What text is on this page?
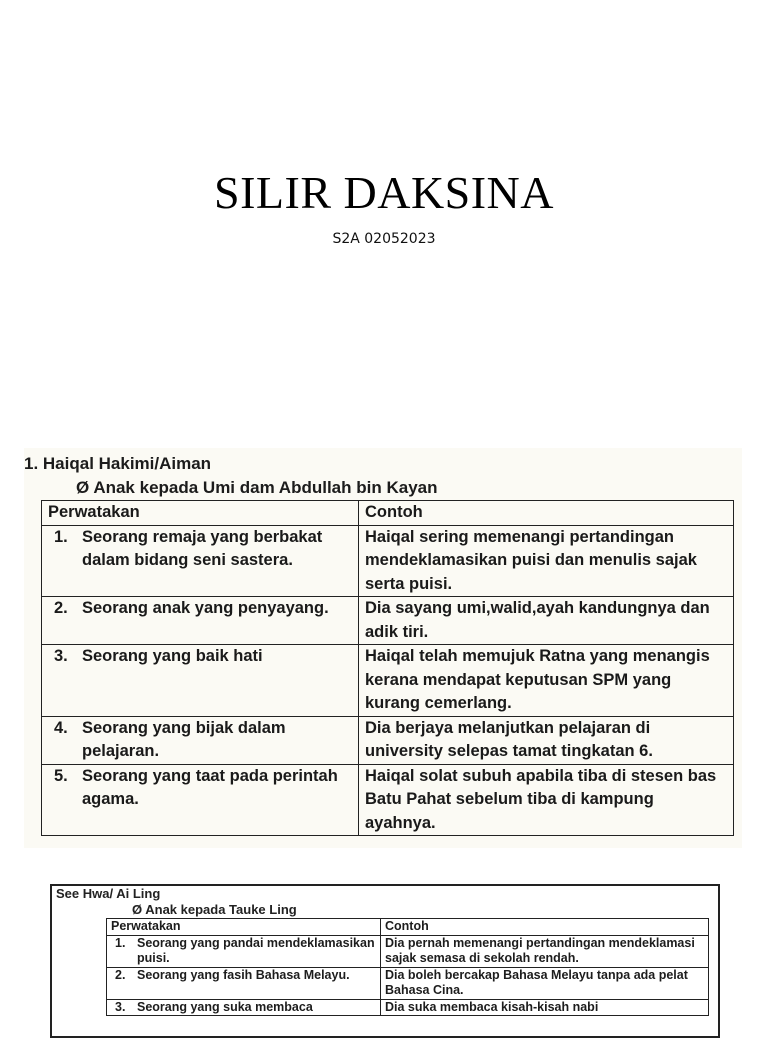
SILIR DAKSINA
S2A 02052023
1. Haiqal Hakimi/Aiman
Ø Anak kepada Umi dam Abdullah bin Kayan
Perwatakan	Contoh

1. Seorang remaja yang berbakat dalam bidang seni sastera.	Haiqal sering memenangi pertandingan mendeklamasikan puisi dan menulis sajak serta puisi.

2. Seorang anak yang penyayang.	Dia sayang umi,walid,ayah kandungnya dan adik tiri.

3. Seorang yang baik hati	Haiqal telah memujuk Ratna yang menangis kerana mendapat keputusan SPM yang kurang cemerlang.

4. Seorang yang bijak dalam pelajaran.	Dia berjaya melanjutkan pelajaran di university selepas tamat tingkatan 6.

5. Seorang yang taat pada perintah agama.	Haiqal solat subuh apabila tiba di stesen bas Batu Pahat sebelum tiba di kampung ayahnya.
See Hwa/ Ai Ling
Ø Anak kepada Tauke Ling
Perwatakan	Contoh

1. Seorang yang pandai mendeklamasikan puisi.	Dia pernah memenangi pertandingan mendeklamasi sajak semasa di sekolah rendah.

2. Seorang yang fasih Bahasa Melayu.	Dia boleh bercakap Bahasa Melayu tanpa ada pelat Bahasa Cina.

3. Seorang yang suka membaca	Dia suka membaca kisah-kisah nabi
